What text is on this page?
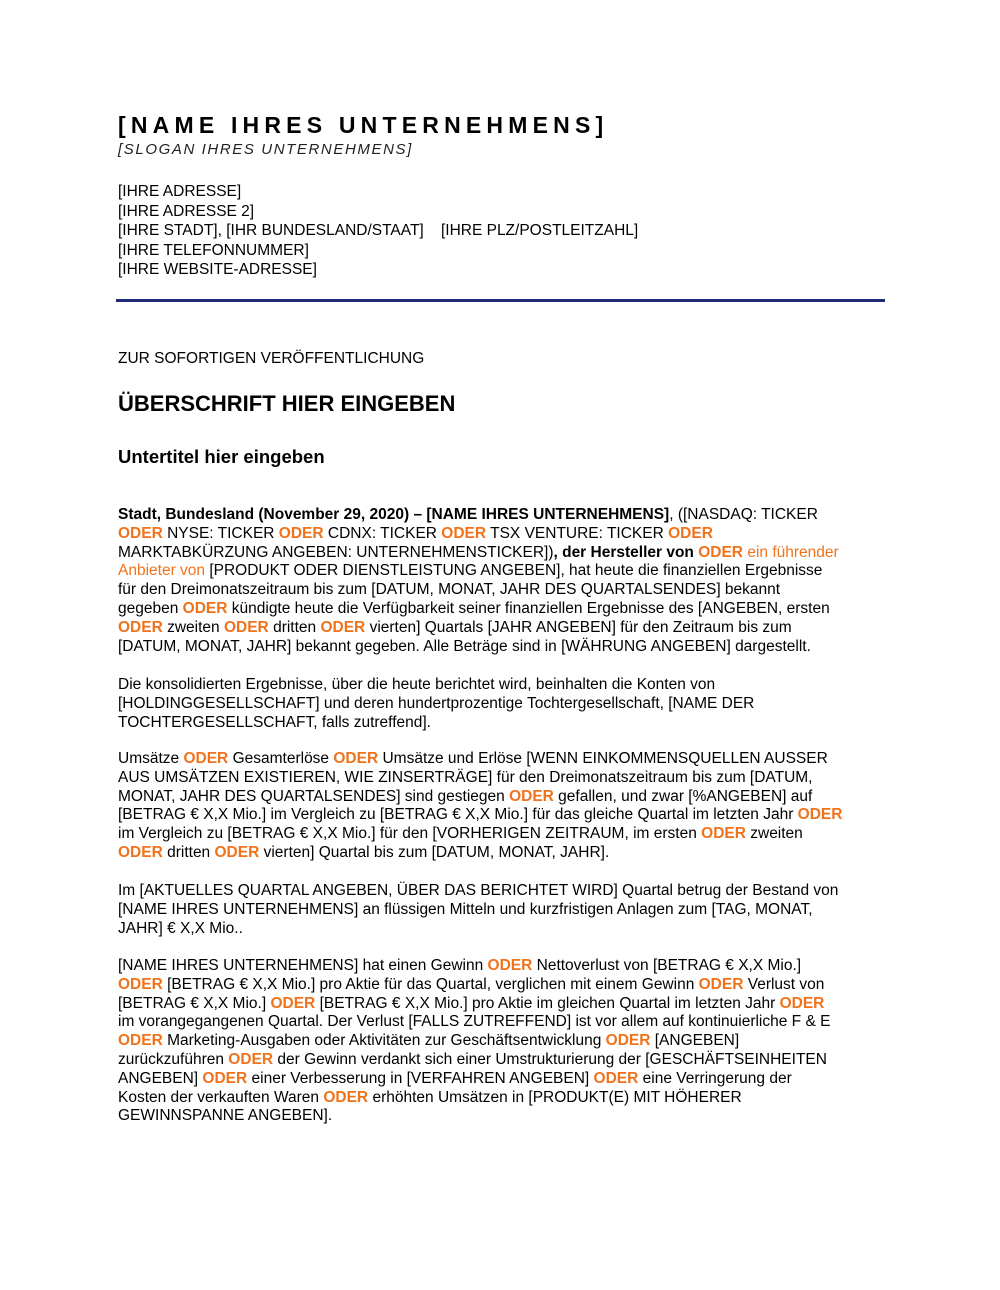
[NAME IHRES UNTERNEHMENS]
[SLOGAN IHRES UNTERNEHMENS]
[IHRE ADRESSE]
[IHRE ADRESSE 2]
[IHRE STADT], [IHR BUNDESLAND/STAAT]    [IHRE PLZ/POSTLEITZAHL]
[IHRE TELEFONNUMMER]
[IHRE WEBSITE-ADRESSE]
ZUR SOFORTIGEN VERÖFFENTLICHUNG
ÜBERSCHRIFT HIER EINGEBEN
Untertitel hier eingeben
Stadt, Bundesland (November 29, 2020) – [NAME IHRES UNTERNEHMENS], ([NASDAQ: TICKER
ODER NYSE: TICKER ODER CDNX: TICKER ODER TSX VENTURE: TICKER ODER
MARKTABKÜRZUNG ANGEBEN: UNTERNEHMENSTICKER]), der Hersteller von ODER ein führender
Anbieter von [PRODUKT ODER DIENSTLEISTUNG ANGEBEN], hat heute die finanziellen Ergebnisse
für den Dreimonatszeitraum bis zum [DATUM, MONAT, JAHR DES QUARTALSENDES] bekannt
gegeben ODER kündigte heute die Verfügbarkeit seiner finanziellen Ergebnisse des [ANGEBEN, ersten
ODER zweiten ODER dritten ODER vierten] Quartals [JAHR ANGEBEN] für den Zeitraum bis zum
[DATUM, MONAT, JAHR] bekannt gegeben. Alle Beträge sind in [WÄHRUNG ANGEBEN] dargestellt.
Die konsolidierten Ergebnisse, über die heute berichtet wird, beinhalten die Konten von
[HOLDINGGESELLSCHAFT] und deren hundertprozentige Tochtergesellschaft, [NAME DER
TOCHTERGESELLSCHAFT, falls zutreffend].
Umsätze ODER Gesamterlöse ODER Umsätze und Erlöse [WENN EINKOMMENSQUELLEN AUSSER
AUS UMSÄTZEN EXISTIEREN, WIE ZINSERTRÄGE] für den Dreimonatszeitraum bis zum [DATUM,
MONAT, JAHR DES QUARTALSENDES] sind gestiegen ODER gefallen, und zwar [%ANGEBEN] auf
[BETRAG € X,X Mio.] im Vergleich zu [BETRAG € X,X Mio.] für das gleiche Quartal im letzten Jahr ODER
im Vergleich zu [BETRAG € X,X Mio.] für den [VORHERIGEN ZEITRAUM, im ersten ODER zweiten
ODER dritten ODER vierten] Quartal bis zum [DATUM, MONAT, JAHR].
Im [AKTUELLES QUARTAL ANGEBEN, ÜBER DAS BERICHTET WIRD] Quartal betrug der Bestand von
[NAME IHRES UNTERNEHMENS] an flüssigen Mitteln und kurzfristigen Anlagen zum [TAG, MONAT,
JAHR] € X,X Mio..
[NAME IHRES UNTERNEHMENS] hat einen Gewinn ODER Nettoverlust von [BETRAG € X,X Mio.]
ODER [BETRAG € X,X Mio.] pro Aktie für das Quartal, verglichen mit einem Gewinn ODER Verlust von
[BETRAG € X,X Mio.] ODER [BETRAG € X,X Mio.] pro Aktie im gleichen Quartal im letzten Jahr ODER
im vorangegangenen Quartal. Der Verlust [FALLS ZUTREFFEND] ist vor allem auf kontinuierliche F & E
ODER Marketing-Ausgaben oder Aktivitäten zur Geschäftsentwicklung ODER [ANGEBEN]
zurückzuführen ODER der Gewinn verdankt sich einer Umstrukturierung der [GESCHÄFTSEINHEITEN
ANGEBEN] ODER einer Verbesserung in [VERFAHREN ANGEBEN] ODER eine Verringerung der
Kosten der verkauften Waren ODER erhöhten Umsätzen in [PRODUKT(E) MIT HÖHERER
GEWINNSPANNE ANGEBEN].
